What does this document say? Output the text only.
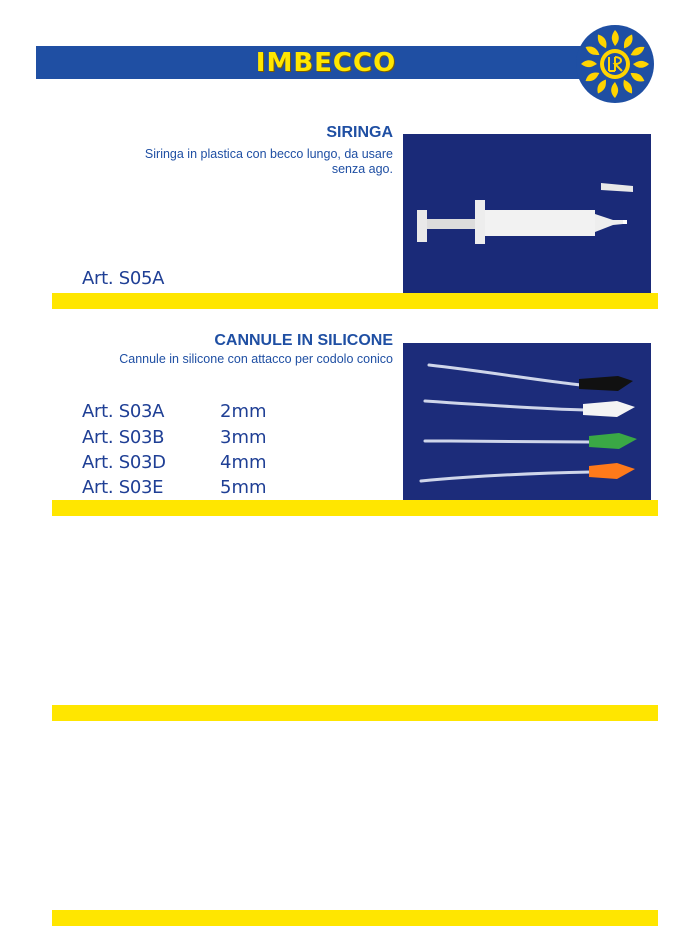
IMBECCO
SIRINGA
Siringa in plastica con becco lungo, da usare
senza ago.
Art. S05A
CANNULE IN SILICONE
Cannule in silicone con attacco per codolo conico
Art. S03A	2mm
Art. S03B	3mm
Art. S03D	4mm
Art. S03E	5mm
